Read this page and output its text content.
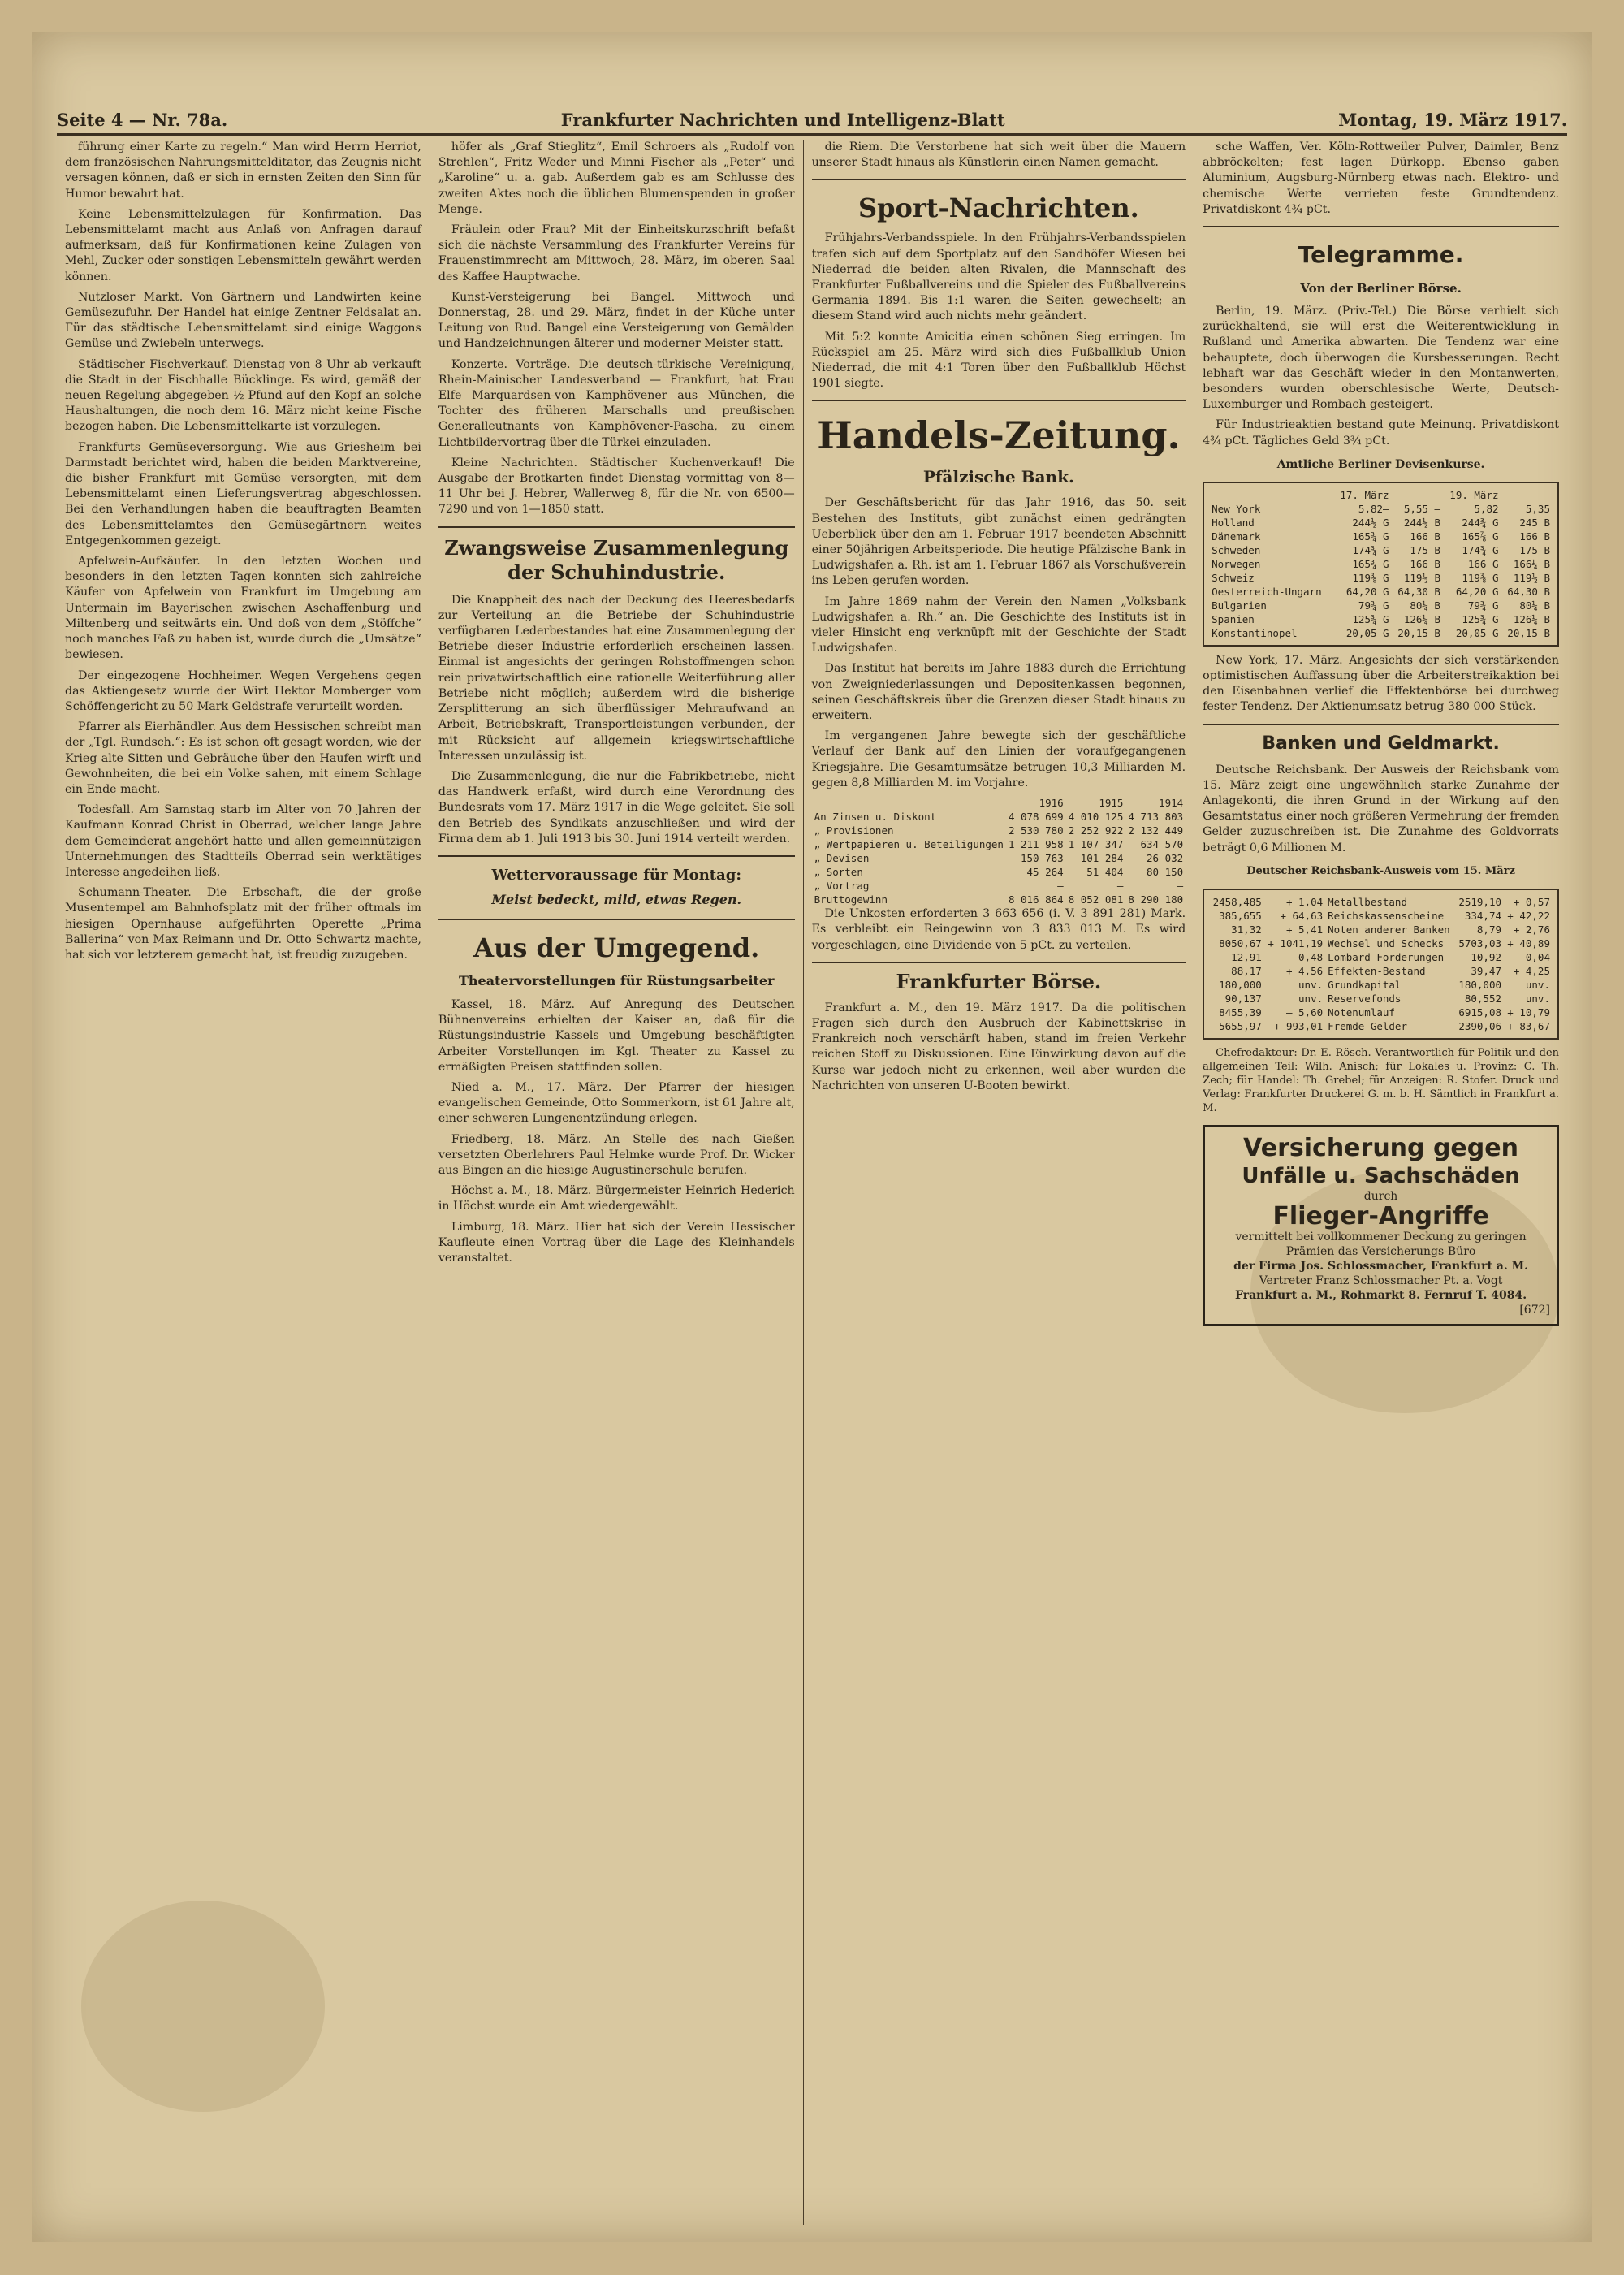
Seite 4 — Nr. 78a.	Frankfurter Nachrichten und Intelligenz-Blatt	Montag, 19. März 1917.

führung einer Karte zu regeln.“ Man wird Herrn Herriot, dem französischen Nahrungsmittelditator, das Zeugnis nicht versagen können, daß er sich in ernsten Zeiten den Sinn für Humor bewahrt hat.

Keine Lebensmittelzulagen für Konfirmation. Das Lebensmittelamt macht aus Anlaß von Anfragen darauf aufmerksam, daß für Konfirmationen keine Zulagen von Mehl, Zucker oder sonstigen Lebensmitteln gewährt werden können.

Nutzloser Markt. Von Gärtnern und Landwirten keine Gemüsezufuhr. Der Handel hat einige Zentner Feldsalat an. Für das städtische Lebensmittelamt sind einige Waggons Gemüse und Zwiebeln unterwegs.

Städtischer Fischverkauf. Dienstag von 8 Uhr ab verkauft die Stadt in der Fischhalle Bücklinge. Es wird, gemäß der neuen Regelung abgegeben ½ Pfund auf den Kopf an solche Haushaltungen, die noch dem 16. März nicht keine Fische bezogen haben. Die Lebensmittelkarte ist vorzulegen.

Frankfurts Gemüseversorgung. Wie aus Griesheim bei Darmstadt berichtet wird, haben die beiden Marktvereine, die bisher Frankfurt mit Gemüse versorgten, mit dem Lebensmittelamt einen Lieferungsvertrag abgeschlossen. Bei den Verhandlungen haben die beauftragten Beamten des Lebensmittelamtes den Gemüsegärtnern weites Entgegenkommen gezeigt.

Apfelwein-Aufkäufer. In den letzten Wochen und besonders in den letzten Tagen konnten sich zahlreiche Käufer von Apfelwein von Frankfurt im Umgebung am Untermain im Bayerischen zwischen Aschaffenburg und Miltenberg und seitwärts ein. Und doß von dem „Stöffche“ noch manches Faß zu haben ist, wurde durch die „Umsätze“ bewiesen.

Der eingezogene Hochheimer. Wegen Vergehens gegen das Aktiengesetz wurde der Wirt Hektor Momberger vom Schöffengericht zu 50 Mark Geldstrafe verurteilt worden.

Pfarrer als Eierhändler. Aus dem Hessischen schreibt man der „Tgl. Rundsch.“: Es ist schon oft gesagt worden, wie der Krieg alte Sitten und Gebräuche über den Haufen wirft und Gewohnheiten, die bei ein Volke sahen, mit einem Schlage ein Ende macht.

Todesfall. Am Samstag starb im Alter von 70 Jahren der Kaufmann Konrad Christ in Oberrad, welcher lange Jahre dem Gemeinderat angehört hatte und allen gemeinnützigen Unternehmungen des Stadtteils Oberrad sein werktätiges Interesse angedeihen ließ.

Schumann-Theater. Die Erbschaft, die der große Musentempel am Bahnhofsplatz mit der früher oftmals im hiesigen Opernhause aufgeführten Operette „Prima Ballerina“ von Max Reimann und Dr. Otto Schwartz machte, hat sich vor letzterem gemacht hat, ist freudig zuzugeben.

höfer als „Graf Stieglitz“, Emil Schroers als „Rudolf von Strehlen“, Fritz Weder und Minni Fischer als „Peter“ und „Karoline“ u. a. gab. Außerdem gab es am Schlusse des zweiten Aktes noch die üblichen Blumenspenden in großer Menge.

Fräulein oder Frau? Mit der Einheitskurzschrift befaßt sich die nächste Versammlung des Frankfurter Vereins für Frauenstimmrecht am Mittwoch, 28. März, im oberen Saal des Kaffee Hauptwache.

Kunst-Versteigerung bei Bangel. Mittwoch und Donnerstag, 28. und 29. März, findet in der Küche unter Leitung von Rud. Bangel eine Versteigerung von Gemälden und Handzeichnungen älterer und moderner Meister statt.

Konzerte. Vorträge. Die deutsch-türkische Vereinigung, Rhein-Mainischer Landesverband — Frankfurt, hat Frau Elfe Marquardsen-von Kamphövener aus München, die Tochter des früheren Marschalls und preußischen Generalleutnants von Kamphövener-Pascha, zu einem Lichtbildervortrag über die Türkei einzuladen.

Kleine Nachrichten. Städtischer Kuchenverkauf! Die Ausgabe der Brotkarten findet Dienstag vormittag von 8—11 Uhr bei J. Hebrer, Wallerweg 8, für die Nr. von 6500—7290 und von 1—1850 statt.

Zwangsweise Zusammenlegung der Schuhindustrie.

Die Knappheit des nach der Deckung des Heeresbedarfs zur Verteilung an die Betriebe der Schuhindustrie verfügbaren Lederbestandes hat eine Zusammenlegung der Betriebe dieser Industrie erforderlich erscheinen lassen. Einmal ist angesichts der geringen Rohstoffmengen schon rein privatwirtschaftlich eine rationelle Weiterführung aller Betriebe nicht möglich; außerdem wird die bisherige Zersplitterung an sich überflüssiger Mehraufwand an Arbeit, Betriebskraft, Transportleistungen verbunden, der mit Rücksicht auf allgemein kriegswirtschaftliche Interessen unzulässig ist.

Die Zusammenlegung, die nur die Fabrikbetriebe, nicht das Handwerk erfaßt, wird durch eine Verordnung des Bundesrats vom 17. März 1917 in die Wege geleitet. Sie soll den Betrieb des Syndikats anzuschließen und wird der Firma dem ab 1. Juli 1913 bis 30. Juni 1914 verteilt werden.

Wettervoraussage für Montag:
Meist bedeckt, mild, etwas Regen.
Aus der Umgegend.
Theatervorstellungen für Rüstungsarbeiter

Kassel, 18. März. Auf Anregung des Deutschen Bühnenvereins erhielten der Kaiser an, daß für die Rüstungsindustrie Kassels und Umgebung beschäftigten Arbeiter Vorstellungen im Kgl. Theater zu Kassel zu ermäßigten Preisen stattfinden sollen.

Nied a. M., 17. März. Der Pfarrer der hiesigen evangelischen Gemeinde, Otto Sommerkorn, ist 61 Jahre alt, einer schweren Lungenentzündung erlegen.

Friedberg, 18. März. An Stelle des nach Gießen versetzten Oberlehrers Paul Helmke wurde Prof. Dr. Wicker aus Bingen an die hiesige Augustinerschule berufen.

Höchst a. M., 18. März. Bürgermeister Heinrich Hederich in Höchst wurde ein Amt wiedergewählt.

Limburg, 18. März. Hier hat sich der Verein Hessischer Kaufleute einen Vortrag über die Lage des Kleinhandels veranstaltet.

die Riem. Die Verstorbene hat sich weit über die Mauern unserer Stadt hinaus als Künstlerin einen Namen gemacht.

Sport-Nachrichten.

Frühjahrs-Verbandsspiele. In den Frühjahrs-Verbandsspielen trafen sich auf dem Sportplatz auf den Sandhöfer Wiesen bei Niederrad die beiden alten Rivalen, die Mannschaft des Frankfurter Fußballvereins und die Spieler des Fußballvereins Germania 1894. Bis 1:1 waren die Seiten gewechselt; an diesem Stand wird auch nichts mehr geändert.

Mit 5:2 konnte Amicitia einen schönen Sieg erringen. Im Rückspiel am 25. März wird sich dies Fußballklub Union Niederrad, die mit 4:1 Toren über den Fußballklub Höchst 1901 siegte.

Handels-Zeitung.
Pfälzische Bank.

Der Geschäftsbericht für das Jahr 1916, das 50. seit Bestehen des Instituts, gibt zunächst einen gedrängten Ueberblick über den am 1. Februar 1917 beendeten Abschnitt einer 50jährigen Arbeitsperiode. Die heutige Pfälzische Bank in Ludwigshafen a. Rh. ist am 1. Februar 1867 als Vorschußverein ins Leben gerufen worden.

Im Jahre 1869 nahm der Verein den Namen „Volksbank Ludwigshafen a. Rh.“ an. Die Geschichte des Instituts ist in vieler Hinsicht eng verknüpft mit der Geschichte der Stadt Ludwigshafen.

Das Institut hat bereits im Jahre 1883 durch die Errichtung von Zweigniederlassungen und Depositenkassen begonnen, seinen Geschäftskreis über die Grenzen dieser Stadt hinaus zu erweitern.

Im vergangenen Jahre bewegte sich der geschäftliche Verlauf der Bank auf den Linien der voraufgegangenen Kriegsjahre. Die Gesamtumsätze betrugen 10,3 Milliarden M. gegen 8,8 Milliarden M. im Vorjahre.

	1916	1915	1914
An Zinsen u. Diskont	4 078 699	4 010 125	4 713 803
„ Provisionen	2 530 780	2 252 922	2 132 449
„ Wertpapieren u. Beteiligungen	1 211 958	1 107 347	634 570
„ Devisen	150 763	101 284	26 032
„ Sorten	45 264	51 404	80 150
„ Vortrag	—	—	—
Bruttogewinn	8 016 864	8 052 081	8 290 180

Die Unkosten erforderten 3 663 656 (i. V. 3 891 281) Mark. Es verbleibt ein Reingewinn von 3 833 013 M. Es wird vorgeschlagen, eine Dividende von 5 pCt. zu verteilen.

Frankfurter Börse.

Frankfurt a. M., den 19. März 1917. Da die politischen Fragen sich durch den Ausbruch der Kabinettskrise in Frankreich noch verschärft haben, stand im freien Verkehr reichen Stoff zu Diskussionen. Eine Einwirkung davon auf die Kurse war jedoch nicht zu erkennen, weil aber wurden die Nachrichten von unseren U-Booten bewirkt.

sche Waffen, Ver. Köln-Rottweiler Pulver, Daimler, Benz abbröckelten; fest lagen Dürkopp. Ebenso gaben Aluminium, Augsburg-Nürnberg etwas nach. Elektro- und chemische Werte verrieten feste Grundtendenz. Privatdiskont 4¾ pCt.

Telegramme.
Von der Berliner Börse.

Berlin, 19. März. (Priv.-Tel.) Die Börse verhielt sich zurückhaltend, sie will erst die Weiterentwicklung in Rußland und Amerika abwarten. Die Tendenz war eine behauptete, doch überwogen die Kursbesserungen. Recht lebhaft war das Geschäft wieder in den Montanwerten, besonders wurden oberschlesische Werte, Deutsch-Luxemburger und Rombach gesteigert.

Für Industrieaktien bestand gute Meinung. Privatdiskont 4¾ pCt. Tägliches Geld 3¾ pCt.

Amtliche Berliner Devisenkurse.
	17. März		19. März	
New York	5,82—	5,55 —	5,82	5,35
Holland	244½ G	244½ B	244¾ G	245 B
Dänemark	165¾ G	166 B	165⅞ G	166 B
Schweden	174¾ G	175 B	174¾ G	175 B
Norwegen	165¾ G	166 B	166 G	166¼ B
Schweiz	119⅜ G	119½ B	119⅜ G	119½ B
Oesterreich-Ungarn	64,20 G	64,30 B	64,20 G	64,30 B
Bulgarien	79¾ G	80¼ B	79¾ G	80¼ B
Spanien	125¾ G	126¼ B	125¾ G	126¼ B
Konstantinopel	20,05 G	20,15 B	20,05 G	20,15 B

New York, 17. März. Angesichts der sich verstärkenden optimistischen Auffassung über die Arbeiterstreikaktion bei den Eisenbahnen verlief die Effektenbörse bei durchweg fester Tendenz. Der Aktienumsatz betrug 380 000 Stück.

Banken und Geldmarkt.

Deutsche Reichsbank. Der Ausweis der Reichsbank vom 15. März zeigt eine ungewöhnlich starke Zunahme der Anlagekonti, die ihren Grund in der Wirkung auf den Gesamtstatus einer noch größeren Vermehrung der fremden Gelder zuzuschreiben ist. Die Zunahme des Goldvorrats beträgt 0,6 Millionen M.

Deutscher Reichsbank-Ausweis vom 15. März
2458,485	+ 1,04	Metallbestand	2519,10	+ 0,57
385,655	+ 64,63	Reichskassenscheine	334,74	+ 42,22
31,32	+ 5,41	Noten anderer Banken	8,79	+ 2,76
8050,67	+ 1041,19	Wechsel und Schecks	5703,03	+ 40,89
12,91	— 0,48	Lombard-Forderungen	10,92	— 0,04
88,17	+ 4,56	Effekten-Bestand	39,47	+ 4,25
180,000	unv.	Grundkapital	180,000	unv.
90,137	unv.	Reservefonds	80,552	unv.
8455,39	— 5,60	Notenumlauf	6915,08	+ 10,79
5655,97	+ 993,01	Fremde Gelder	2390,06	+ 83,67

Chefredakteur: Dr. E. Rösch. Verantwortlich für Politik und den allgemeinen Teil: Wilh. Anisch; für Lokales u. Provinz: C. Th. Zech; für Handel: Th. Grebel; für Anzeigen: R. Stofer. Druck und Verlag: Frankfurter Druckerei G. m. b. H. Sämtlich in Frankfurt a. M.

Versicherung gegen
Unfälle u. Sachschäden
durch
Flieger-Angriffe
vermittelt bei vollkommener Deckung zu geringen Prämien das Versicherungs-Büro
der Firma Jos. Schlossmacher, Frankfurt a. M.
Vertreter Franz Schlossmacher Pt. a. Vogt
Frankfurt a. M., Rohmarkt 8. Fernruf T. 4084.
[672]
